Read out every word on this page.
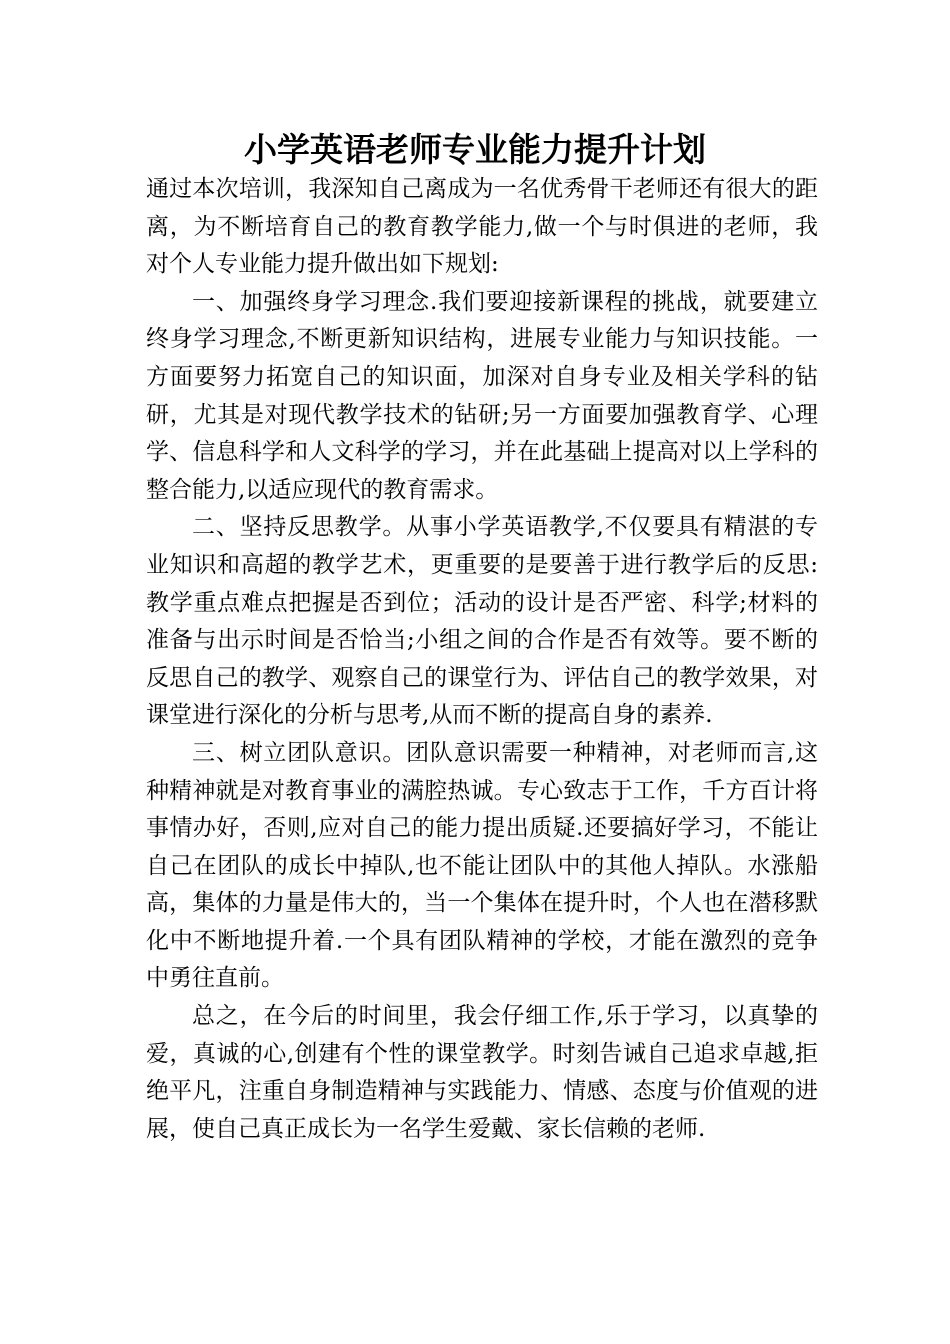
小学英语老师专业能力提升计划

通过本次培训，我深知自己离成为一名优秀骨干老师还有很大的距离，为不断培育自己的教育教学能力,做一个与时俱进的老师，我对个人专业能力提升做出如下规划:

一、加强终身学习理念.我们要迎接新课程的挑战，就要建立终身学习理念,不断更新知识结构，进展专业能力与知识技能。一方面要努力拓宽自己的知识面，加深对自身专业及相关学科的钻研，尤其是对现代教学技术的钻研;另一方面要加强教育学、心理学、信息科学和人文科学的学习，并在此基础上提高对以上学科的整合能力,以适应现代的教育需求。

二、坚持反思教学。从事小学英语教学,不仅要具有精湛的专业知识和高超的教学艺术，更重要的是要善于进行教学后的反思:教学重点难点把握是否到位；活动的设计是否严密、科学;材料的准备与出示时间是否恰当;小组之间的合作是否有效等。要不断的反思自己的教学、观察自己的课堂行为、评估自己的教学效果，对课堂进行深化的分析与思考,从而不断的提高自身的素养.

三、树立团队意识。团队意识需要一种精神，对老师而言,这种精神就是对教育事业的满腔热诚。专心致志于工作，千方百计将事情办好，否则,应对自己的能力提出质疑.还要搞好学习，不能让自己在团队的成长中掉队,也不能让团队中的其他人掉队。水涨船高，集体的力量是伟大的，当一个集体在提升时，个人也在潜移默化中不断地提升着.一个具有团队精神的学校，才能在激烈的竞争中勇往直前。

总之，在今后的时间里，我会仔细工作,乐于学习，以真挚的爱，真诚的心,创建有个性的课堂教学。时刻告诫自己追求卓越,拒绝平凡，注重自身制造精神与实践能力、情感、态度与价值观的进展，使自己真正成长为一名学生爱戴、家长信赖的老师.
